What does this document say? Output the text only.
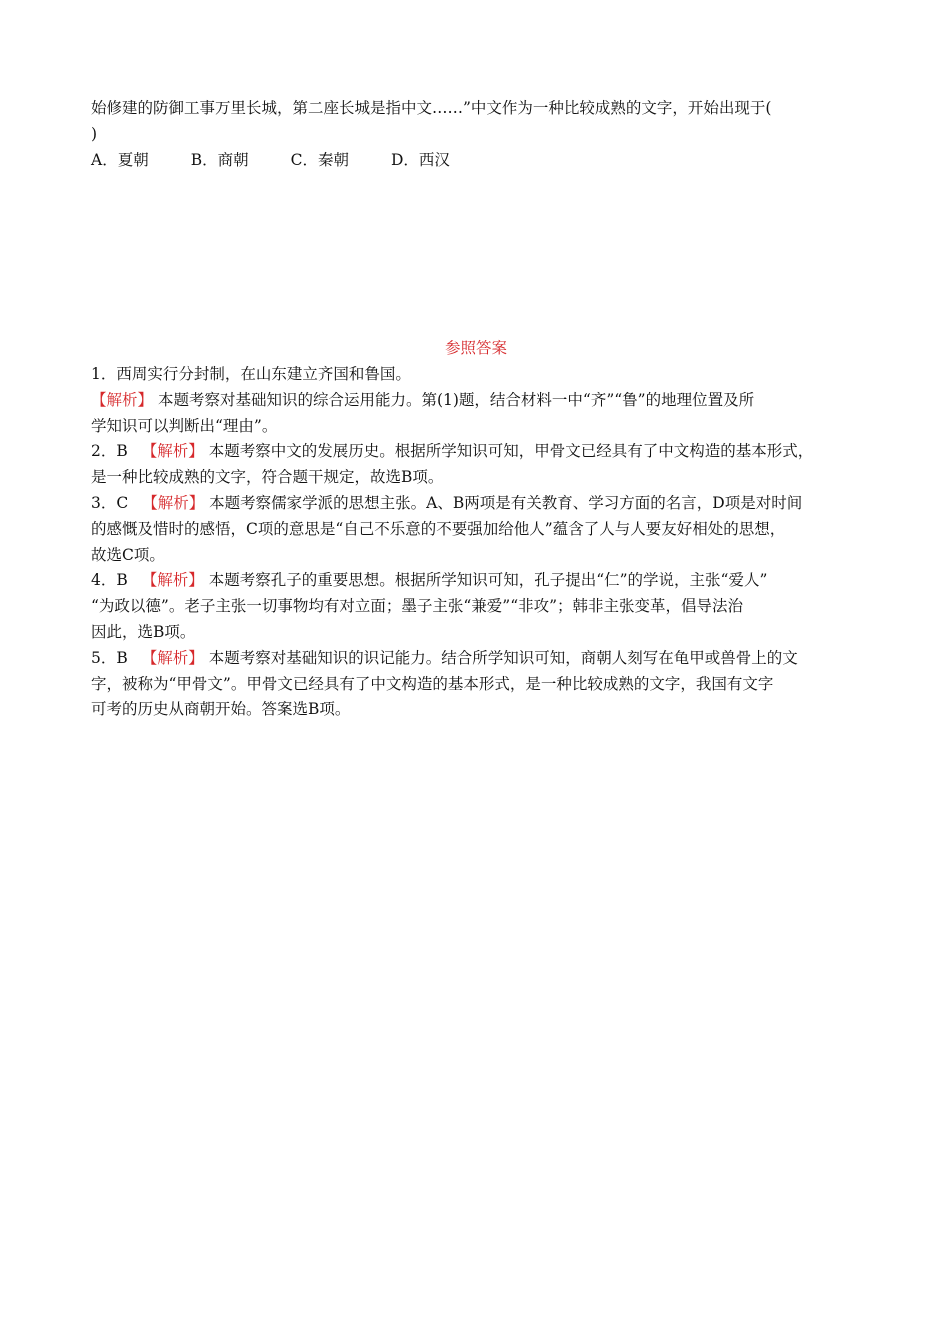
始修建的防御工事万里长城，第二座长城是指中文……”中文作为一种比较成熟的文字，开始出现于(
)
A．夏朝	B．商朝	C．秦朝	D．西汉
参照答案
1．西周实行分封制，在山东建立齐国和鲁国。
【解析】 本题考察对基础知识的综合运用能力。第(1)题，结合材料一中“齐”“鲁”的地理位置及所
学知识可以判断出“理由”。
2．B 【解析】 本题考察中文的发展历史。根据所学知识可知，甲骨文已经具有了中文构造的基本形式，
是一种比较成熟的文字，符合题干规定，故选B项。
3．C 【解析】 本题考察儒家学派的思想主张。A、B两项是有关教育、学习方面的名言，D项是对时间
的感慨及惜时的感悟，C项的意思是“自己不乐意的不要强加给他人”蕴含了人与人要友好相处的思想，
故选C项。
4．B 【解析】 本题考察孔子的重要思想。根据所学知识可知，孔子提出“仁”的学说，主张“爱人”
“为政以德”。老子主张一切事物均有对立面；墨子主张“兼爱”“非攻”；韩非主张变革，倡导法治
因此，选B项。
5．B 【解析】 本题考察对基础知识的识记能力。结合所学知识可知，商朝人刻写在龟甲或兽骨上的文
字，被称为“甲骨文”。甲骨文已经具有了中文构造的基本形式，是一种比较成熟的文字，我国有文字
可考的历史从商朝开始。答案选B项。
